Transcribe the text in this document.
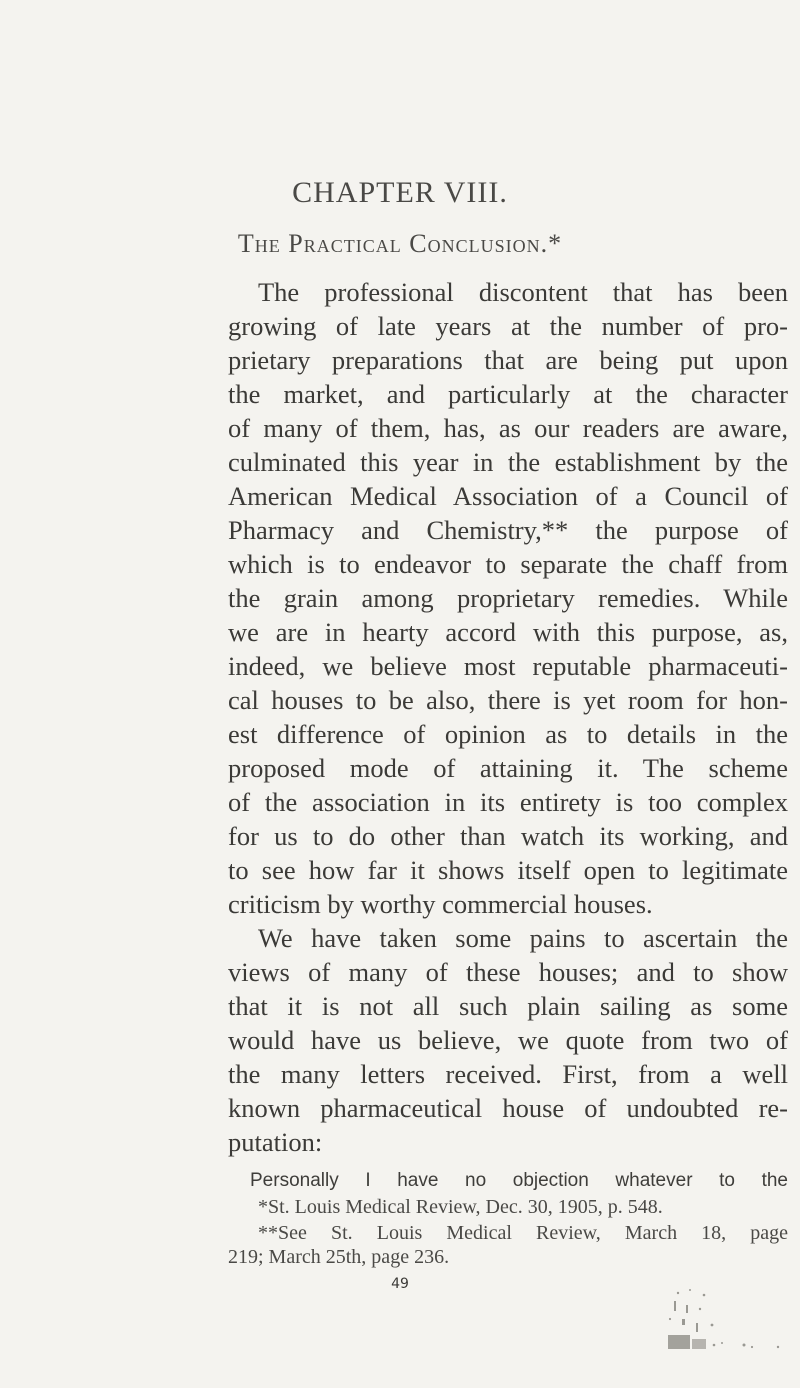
CHAPTER VIII.
The Practical Conclusion.*
The professional discontent that has been
growing of late years at the number of pro-
prietary preparations that are being put upon
the market, and particularly at the character
of many of them, has, as our readers are aware,
culminated this year in the establishment by the
American Medical Association of a Council of
Pharmacy and Chemistry,** the purpose of
which is to endeavor to separate the chaff from
the grain among proprietary remedies. While
we are in hearty accord with this purpose, as,
indeed, we believe most reputable pharmaceuti-
cal houses to be also, there is yet room for hon-
est difference of opinion as to details in the
proposed mode of attaining it. The scheme
of the association in its entirety is too complex
for us to do other than watch its working, and
to see how far it shows itself open to legitimate
criticism by worthy commercial houses.
We have taken some pains to ascertain the
views of many of these houses; and to show
that it is not all such plain sailing as some
would have us believe, we quote from two of
the many letters received. First, from a well
known pharmaceutical house of undoubted re-
putation:
Personally I have no objection whatever to the
*St. Louis Medical Review, Dec. 30, 1905, p. 548.
**See St. Louis Medical Review, March 18, page
219; March 25th, page 236.
49
